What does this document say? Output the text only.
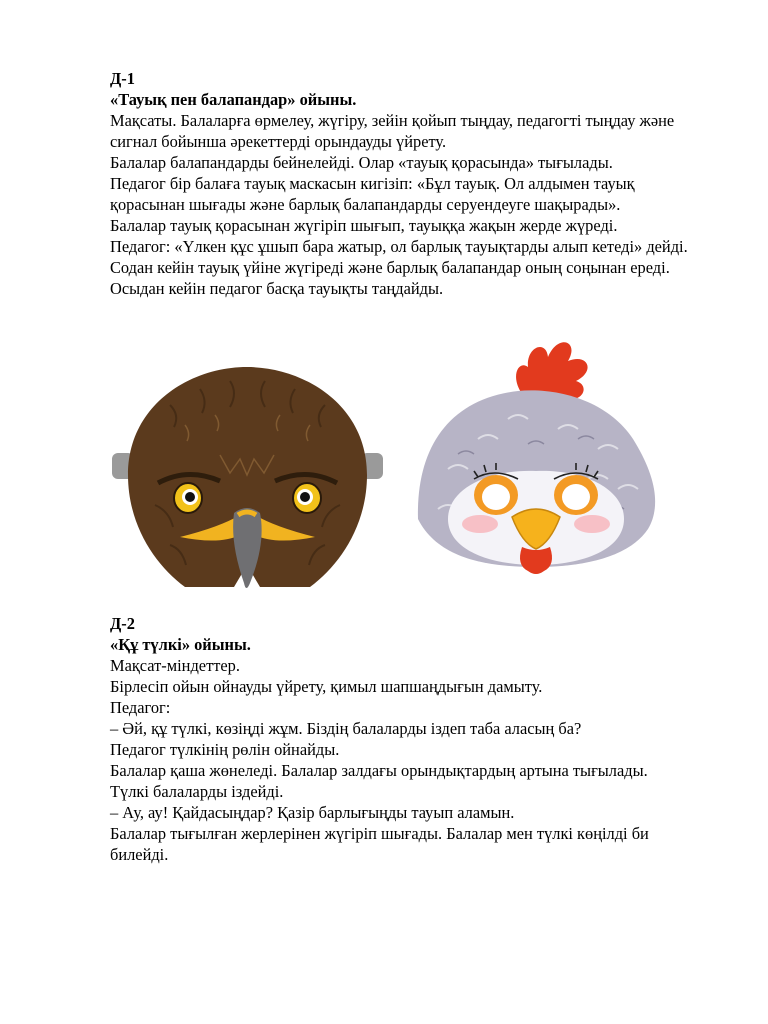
Д-1

«Тауық пен балапандар» ойыны.

Мақсаты. Балаларға өрмелеу, жүгіру, зейін қойып тыңдау, педагогті тыңдау және сигнал бойынша әрекеттерді орындауды үйрету.

Балалар балапандарды бейнелейді. Олар «тауық қорасында» тығылады.

Педагог бір балаға тауық маскасын кигізіп: «Бұл тауық. Ол алдымен тауық қорасынан шығады және барлық балапандарды серуендеуге шақырады».

Балалар тауық қорасынан жүгіріп шығып, тауыққа жақын жерде жүреді.

Педагог: «Үлкен құс ұшып бара жатыр, ол барлық тауықтарды алып кетеді» дейді. Содан кейін тауық үйіне жүгіреді және барлық балапандар оның соңынан ереді. Осыдан кейін педагог басқа тауықты таңдайды.

Д-2

«Құ түлкі» ойыны.

Мақсат-міндеттер.

Бірлесіп ойын ойнауды үйрету, қимыл шапшаңдығын дамыту.

Педагог:

– Әй, құ түлкі, көзіңді жұм. Біздің балаларды іздеп таба аласың ба?

Педагог түлкінің рөлін ойнайды.

Балалар қаша жөнеледі. Балалар залдағы орындықтардың артына тығылады.

Түлкі балаларды іздейді.

– Ау, ау! Қайдасыңдар? Қазір барлығыңды тауып аламын.

Балалар тығылған жерлерінен жүгіріп шығады. Балалар мен түлкі көңілді би билейді.
